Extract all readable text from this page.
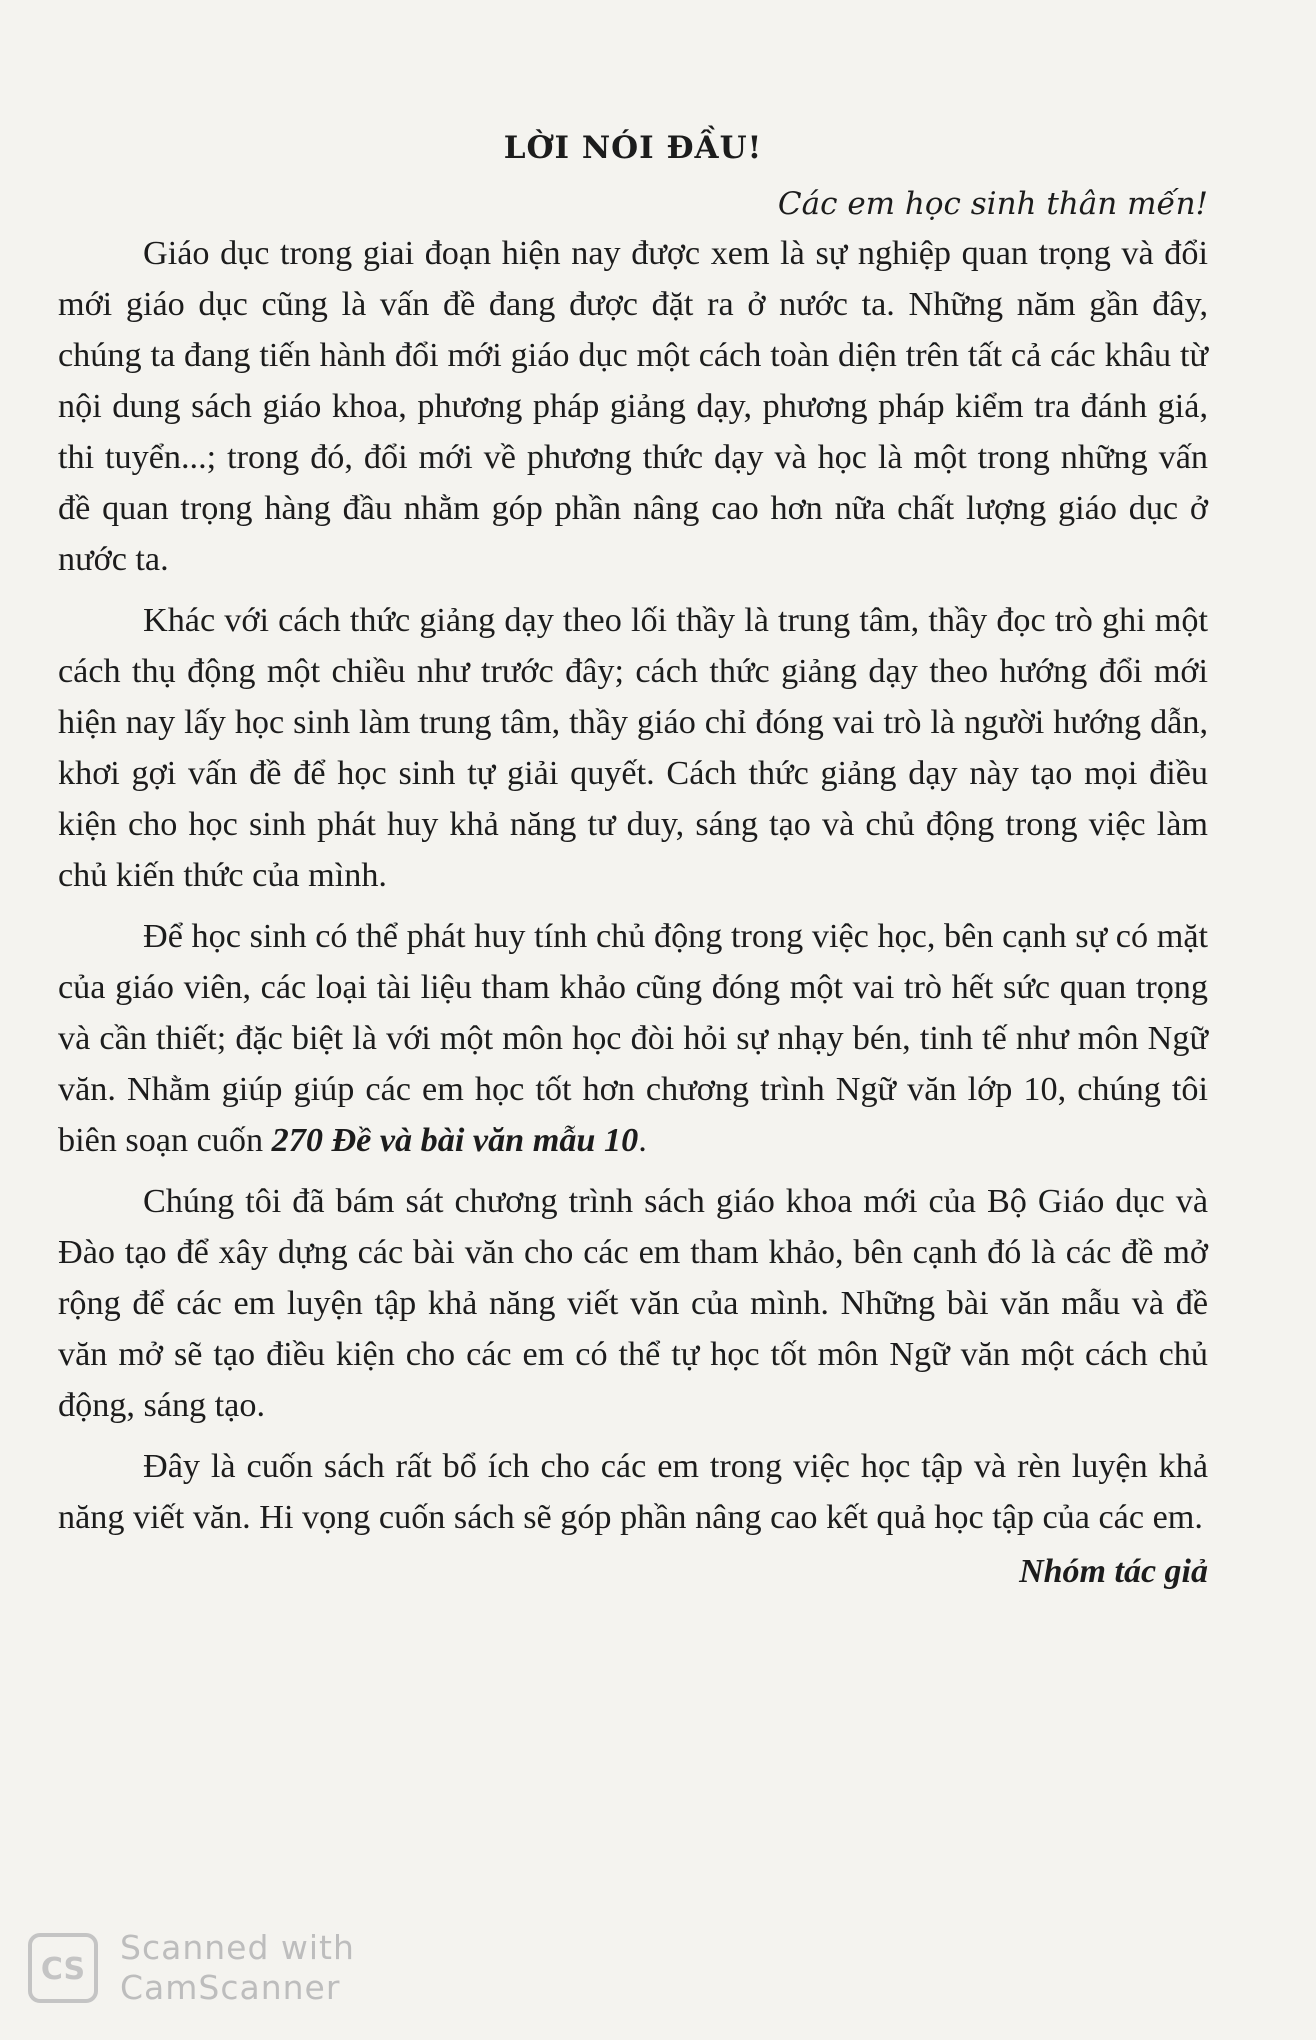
LỜI NÓI ĐẦU!
Các em học sinh thân mến!

Giáo dục trong giai đoạn hiện nay được xem là sự nghiệp quan trọng và đổi mới giáo dục cũng là vấn đề đang được đặt ra ở nước ta. Những năm gần đây, chúng ta đang tiến hành đổi mới giáo dục một cách toàn diện trên tất cả các khâu từ nội dung sách giáo khoa, phương pháp giảng dạy, phương pháp kiểm tra đánh giá, thi tuyển...; trong đó, đổi mới về phương thức dạy và học là một trong những vấn đề quan trọng hàng đầu nhằm góp phần nâng cao hơn nữa chất lượng giáo dục ở nước ta.

Khác với cách thức giảng dạy theo lối thầy là trung tâm, thầy đọc trò ghi một cách thụ động một chiều như trước đây; cách thức giảng dạy theo hướng đổi mới hiện nay lấy học sinh làm trung tâm, thầy giáo chỉ đóng vai trò là người hướng dẫn, khơi gợi vấn đề để học sinh tự giải quyết. Cách thức giảng dạy này tạo mọi điều kiện cho học sinh phát huy khả năng tư duy, sáng tạo và chủ động trong việc làm chủ kiến thức của mình.

Để học sinh có thể phát huy tính chủ động trong việc học, bên cạnh sự có mặt của giáo viên, các loại tài liệu tham khảo cũng đóng một vai trò hết sức quan trọng và cần thiết; đặc biệt là với một môn học đòi hỏi sự nhạy bén, tinh tế như môn Ngữ văn. Nhằm giúp giúp các em học tốt hơn chương trình Ngữ văn lớp 10, chúng tôi biên soạn cuốn 270 Đề và bài văn mẫu 10.

Chúng tôi đã bám sát chương trình sách giáo khoa mới của Bộ Giáo dục và Đào tạo để xây dựng các bài văn cho các em tham khảo, bên cạnh đó là các đề mở rộng để các em luyện tập khả năng viết văn của mình. Những bài văn mẫu và đề văn mở sẽ tạo điều kiện cho các em có thể tự học tốt môn Ngữ văn một cách chủ động, sáng tạo.

Đây là cuốn sách rất bổ ích cho các em trong việc học tập và rèn luyện khả năng viết văn. Hi vọng cuốn sách sẽ góp phần nâng cao kết quả học tập của các em.

Nhóm tác giả
CS
Scanned with
CamScanner
